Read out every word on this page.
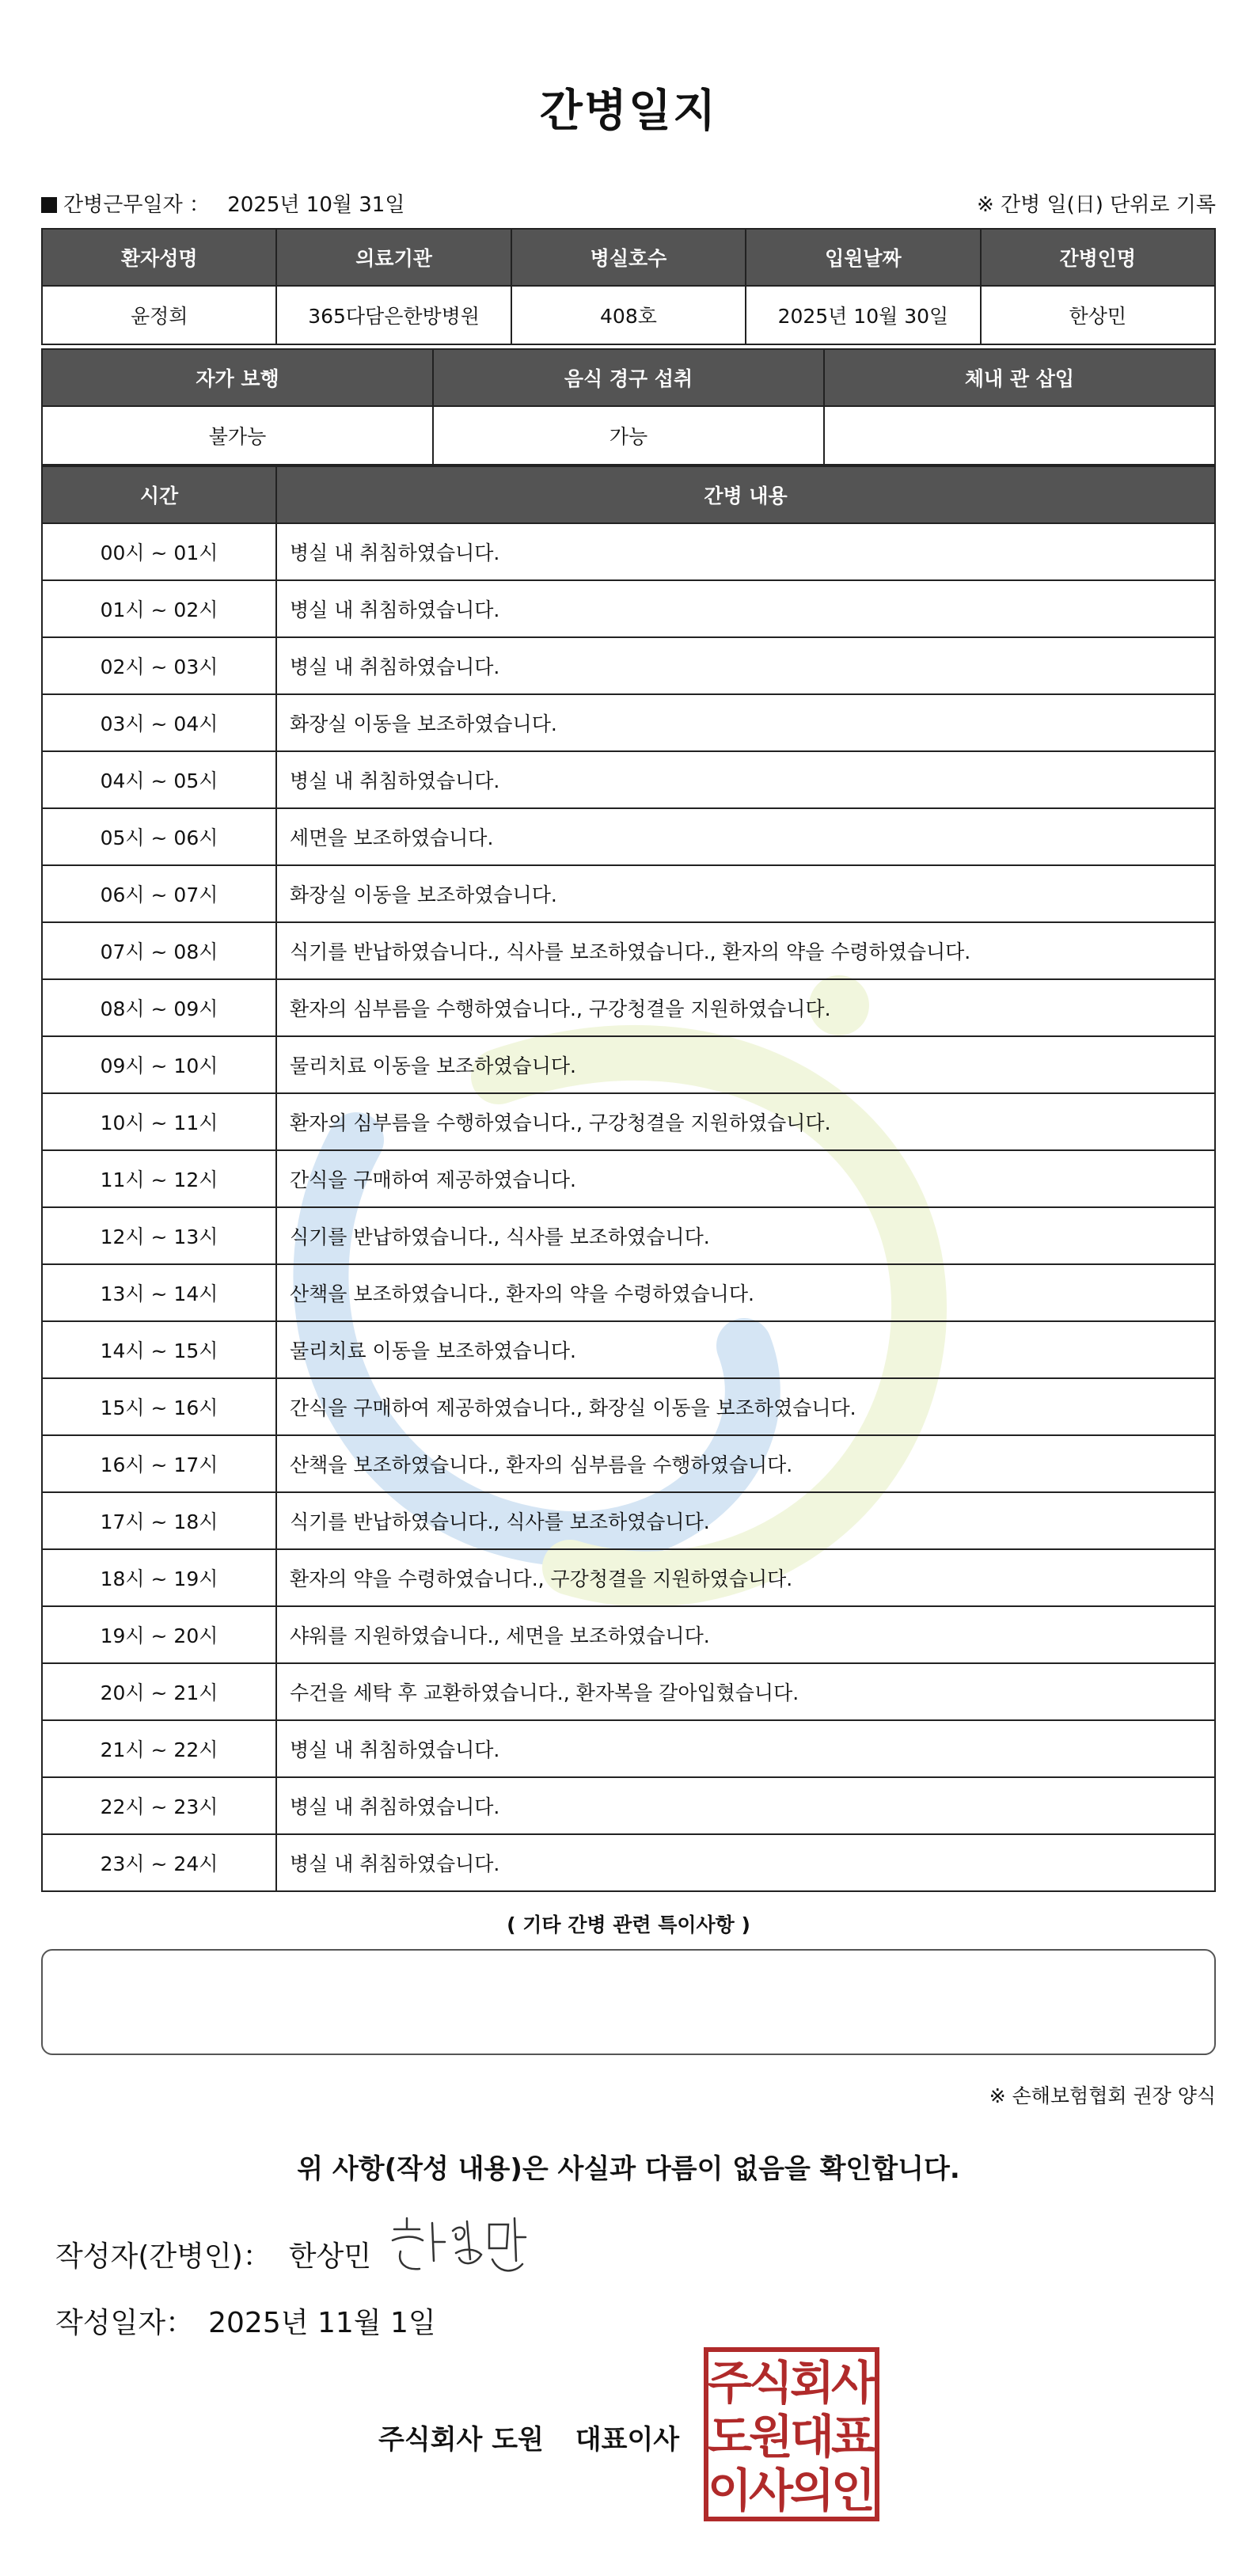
간병일지
간병근무일자 ： 2025년 10월 31일	※ 간병 일(日) 단위로 기록
환자성명	의료기관	병실호수	입원날짜	간병인명
윤정희	365다담은한방병원	408호	2025년 10월 30일	한상민
자가 보행	음식 경구 섭취	체내 관 삽입
불가능	가능	
시간	간병 내용
00시 ~ 01시	병실 내 취침하였습니다.
01시 ~ 02시	병실 내 취침하였습니다.
02시 ~ 03시	병실 내 취침하였습니다.
03시 ~ 04시	화장실 이동을 보조하였습니다.
04시 ~ 05시	병실 내 취침하였습니다.
05시 ~ 06시	세면을 보조하였습니다.
06시 ~ 07시	화장실 이동을 보조하였습니다.
07시 ~ 08시	식기를 반납하였습니다., 식사를 보조하였습니다., 환자의 약을 수령하였습니다.
08시 ~ 09시	환자의 심부름을 수행하였습니다., 구강청결을 지원하였습니다.
09시 ~ 10시	물리치료 이동을 보조하였습니다.
10시 ~ 11시	환자의 심부름을 수행하였습니다., 구강청결을 지원하였습니다.
11시 ~ 12시	간식을 구매하여 제공하였습니다.
12시 ~ 13시	식기를 반납하였습니다., 식사를 보조하였습니다.
13시 ~ 14시	산책을 보조하였습니다., 환자의 약을 수령하였습니다.
14시 ~ 15시	물리치료 이동을 보조하였습니다.
15시 ~ 16시	간식을 구매하여 제공하였습니다., 화장실 이동을 보조하였습니다.
16시 ~ 17시	산책을 보조하였습니다., 환자의 심부름을 수행하였습니다.
17시 ~ 18시	식기를 반납하였습니다., 식사를 보조하였습니다.
18시 ~ 19시	환자의 약을 수령하였습니다., 구강청결을 지원하였습니다.
19시 ~ 20시	샤워를 지원하였습니다., 세면을 보조하였습니다.
20시 ~ 21시	수건을 세탁 후 교환하였습니다., 환자복을 갈아입혔습니다.
21시 ~ 22시	병실 내 취침하였습니다.
22시 ~ 23시	병실 내 취침하였습니다.
23시 ~ 24시	병실 내 취침하였습니다.
( 기타 간병 관련 특이사항 )
※ 손해보험협회 권장 양식
위 사항(작성 내용)은 사실과 다름이 없음을 확인합니다.
작성자(간병인)： 한상민
작성일자： 2025년 11월 1일
주식회사 도원 대표이사
주
식
회
사
도
원
대
표
이
사
의
인
